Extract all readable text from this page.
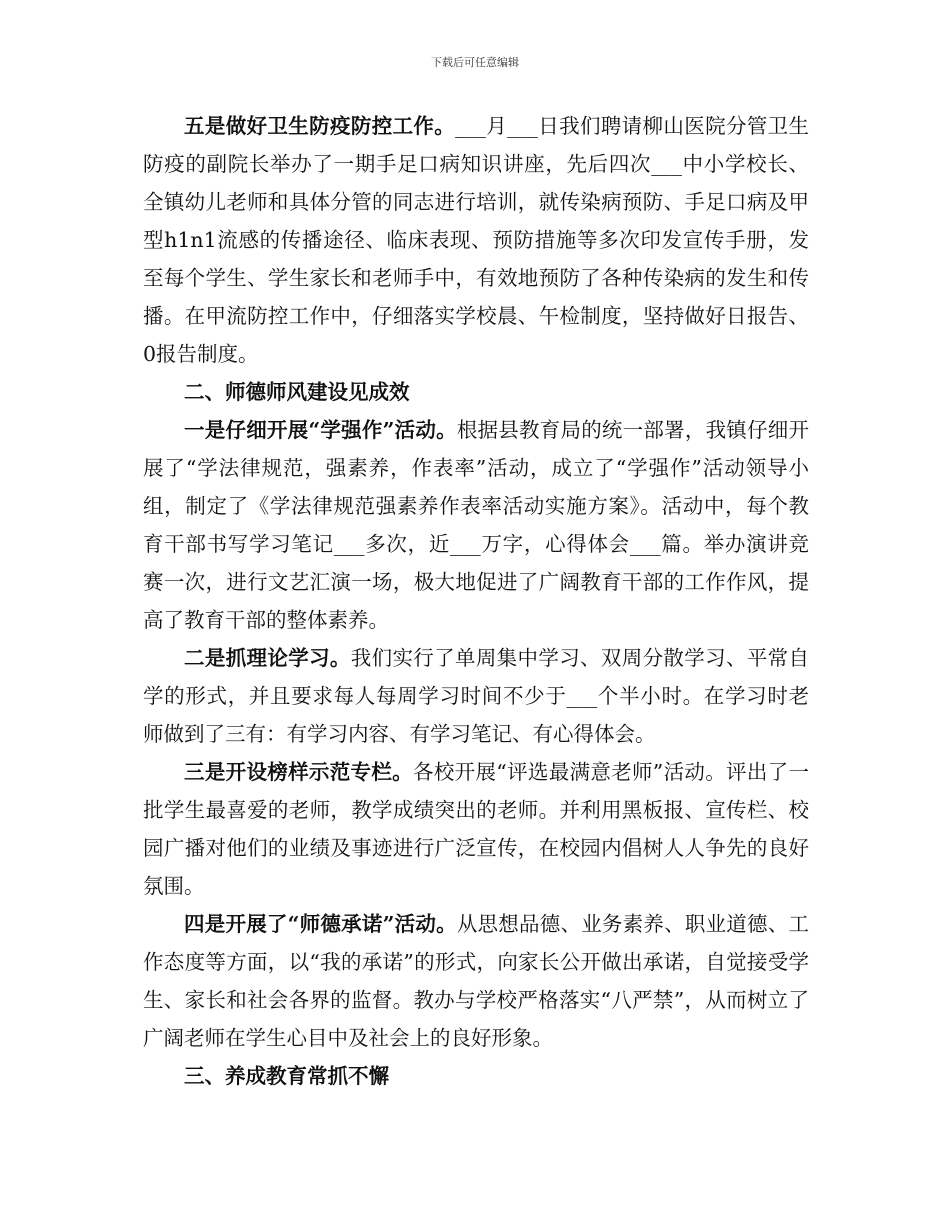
下载后可任意编辑

五是做好卫生防疫防控工作。___月___日我们聘请柳山医院分管卫生防疫的副院长举办了一期手足口病知识讲座，先后四次___中小学校长、全镇幼儿老师和具体分管的同志进行培训，就传染病预防、手足口病及甲型h1n1流感的传播途径、临床表现、预防措施等多次印发宣传手册，发至每个学生、学生家长和老师手中，有效地预防了各种传染病的发生和传播。在甲流防控工作中，仔细落实学校晨、午检制度，坚持做好日报告、0报告制度。

二、师德师风建设见成效

一是仔细开展“学强作”活动。根据县教育局的统一部署，我镇仔细开展了“学法律规范，强素养，作表率”活动，成立了“学强作”活动领导小组，制定了《学法律规范强素养作表率活动实施方案》。活动中，每个教育干部书写学习笔记___多次，近___万字，心得体会___篇。举办演讲竞赛一次，进行文艺汇演一场，极大地促进了广阔教育干部的工作作风，提高了教育干部的整体素养。

二是抓理论学习。我们实行了单周集中学习、双周分散学习、平常自学的形式，并且要求每人每周学习时间不少于___个半小时。在学习时老师做到了三有：有学习内容、有学习笔记、有心得体会。

三是开设榜样示范专栏。各校开展“评选最满意老师”活动。评出了一批学生最喜爱的老师，教学成绩突出的老师。并利用黑板报、宣传栏、校园广播对他们的业绩及事迹进行广泛宣传，在校园内倡树人人争先的良好氛围。

四是开展了“师德承诺”活动。从思想品德、业务素养、职业道德、工作态度等方面，以“我的承诺”的形式，向家长公开做出承诺，自觉接受学生、家长和社会各界的监督。教办与学校严格落实“八严禁”，从而树立了广阔老师在学生心目中及社会上的良好形象。

三、养成教育常抓不懈
